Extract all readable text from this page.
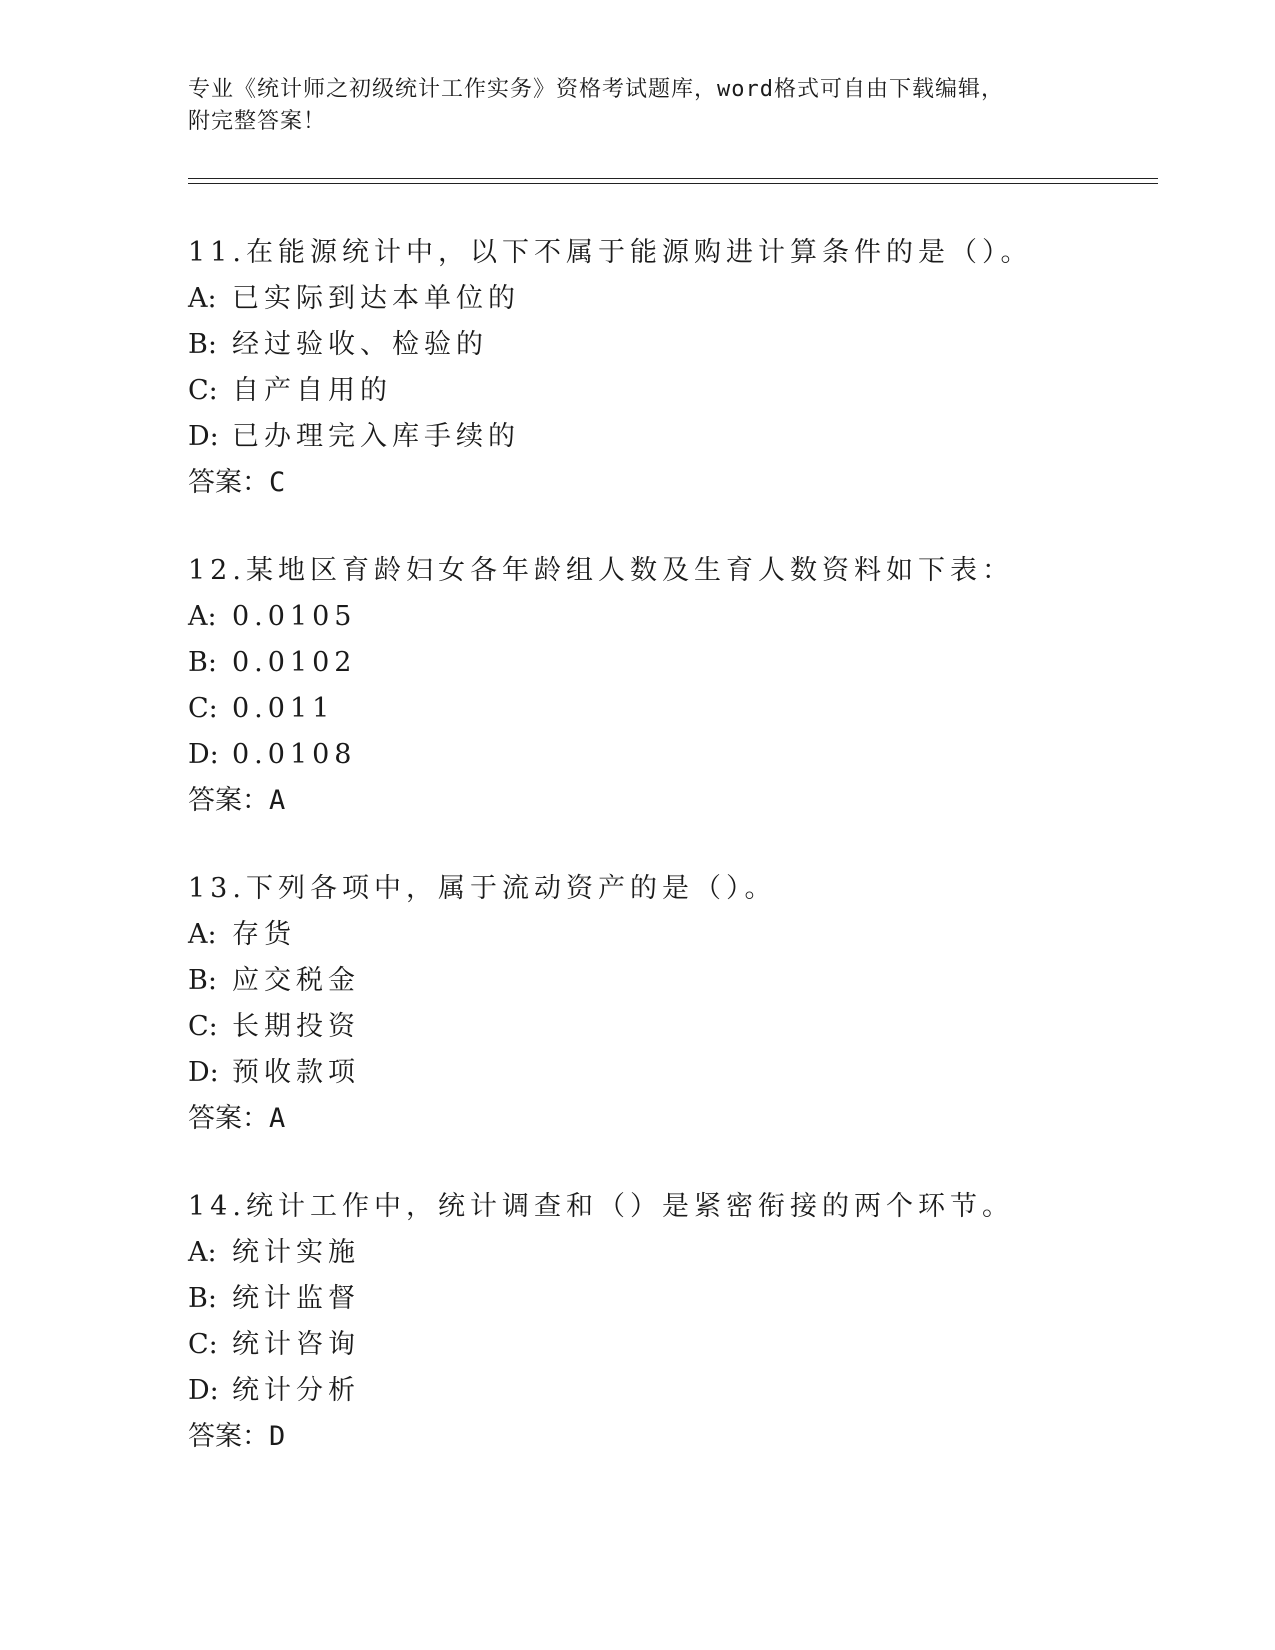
专业《统计师之初级统计工作实务》资格考试题库，word格式可自由下载编辑，
附完整答案！
11.在能源统计中，以下不属于能源购进计算条件的是（）。
A: 已实际到达本单位的
B: 经过验收、检验的
C: 自产自用的
D: 已办理完入库手续的
答案：C
12.某地区育龄妇女各年龄组人数及生育人数资料如下表：
A: 0.0105
B: 0.0102
C: 0.011
D: 0.0108
答案：A
13.下列各项中，属于流动资产的是（）。
A: 存货
B: 应交税金
C: 长期投资
D: 预收款项
答案：A
14.统计工作中，统计调查和（）是紧密衔接的两个环节。
A: 统计实施
B: 统计监督
C: 统计咨询
D: 统计分析
答案：D
